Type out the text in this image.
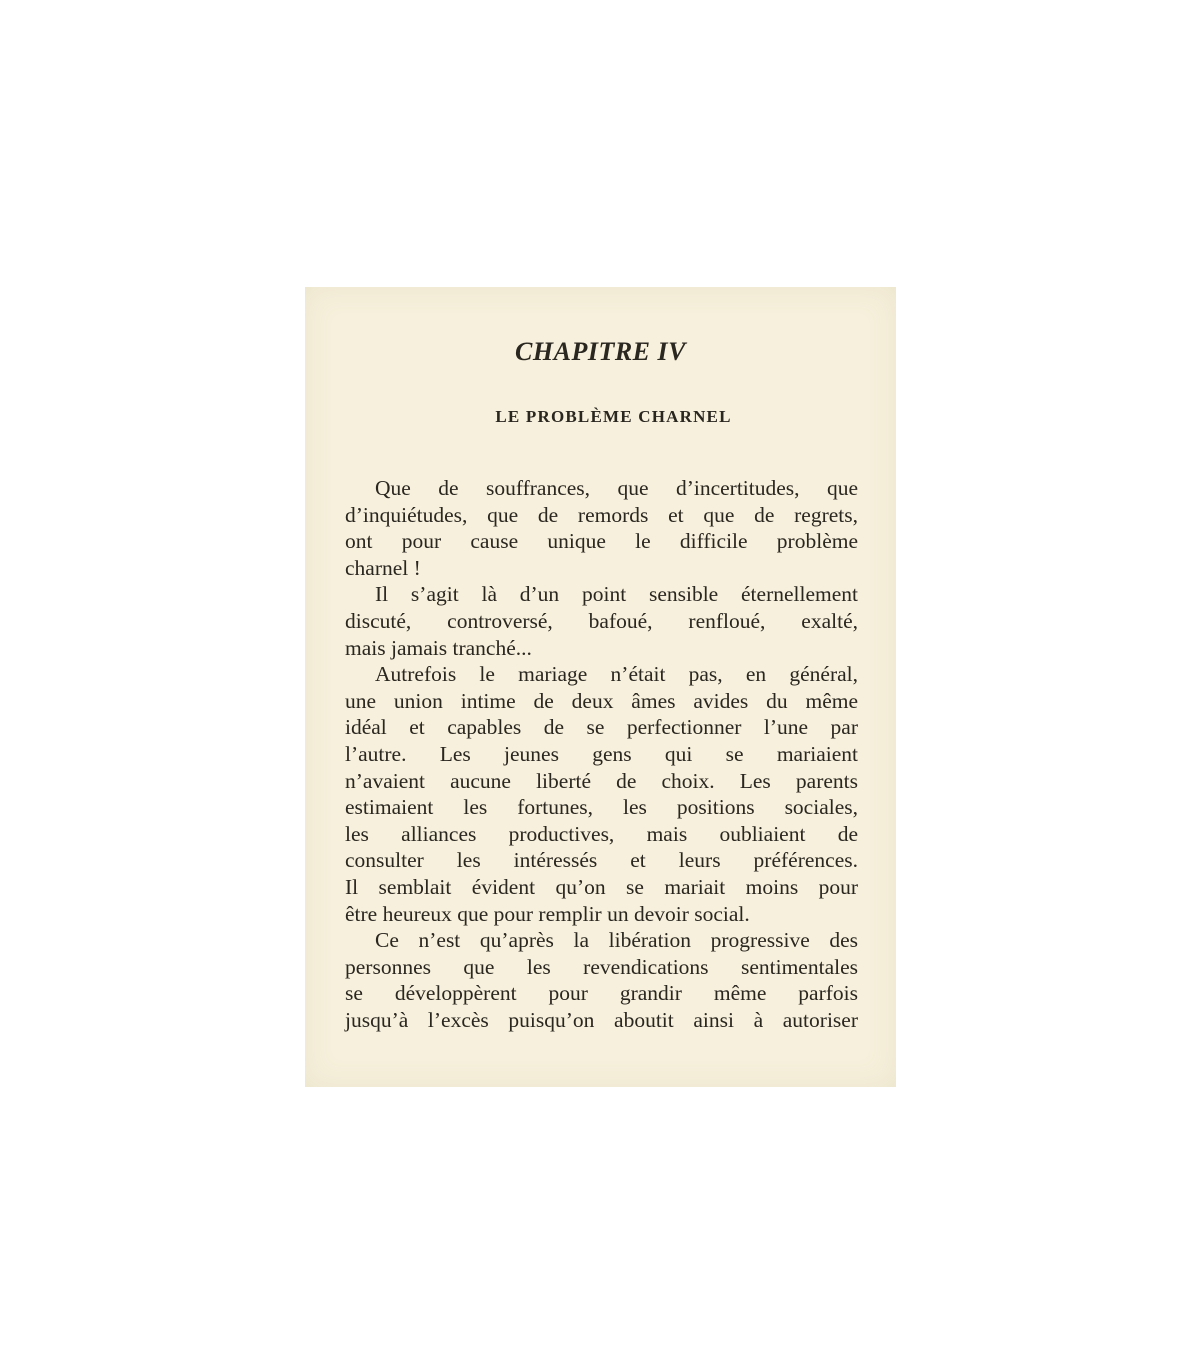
CHAPITRE IV
LE PROBLÈME CHARNEL

Que de souffrances, que d’incertitudes, que
d’inquiétudes, que de remords et que de regrets,
ont pour cause unique le difficile problème
charnel !

Il s’agit là d’un point sensible éternellement
discuté, controversé, bafoué, renfloué, exalté,
mais jamais tranché...

Autrefois le mariage n’était pas, en général,
une union intime de deux âmes avides du même
idéal et capables de se perfectionner l’une par
l’autre. Les jeunes gens qui se mariaient
n’avaient aucune liberté de choix. Les parents
estimaient les fortunes, les positions sociales,
les alliances productives, mais oubliaient de
consulter les intéressés et leurs préférences.
Il semblait évident qu’on se mariait moins pour
être heureux que pour remplir un devoir social.

Ce n’est qu’après la libération progressive des
personnes que les revendications sentimentales
se développèrent pour grandir même parfois
jusqu’à l’excès puisqu’on aboutit ainsi à autoriser
